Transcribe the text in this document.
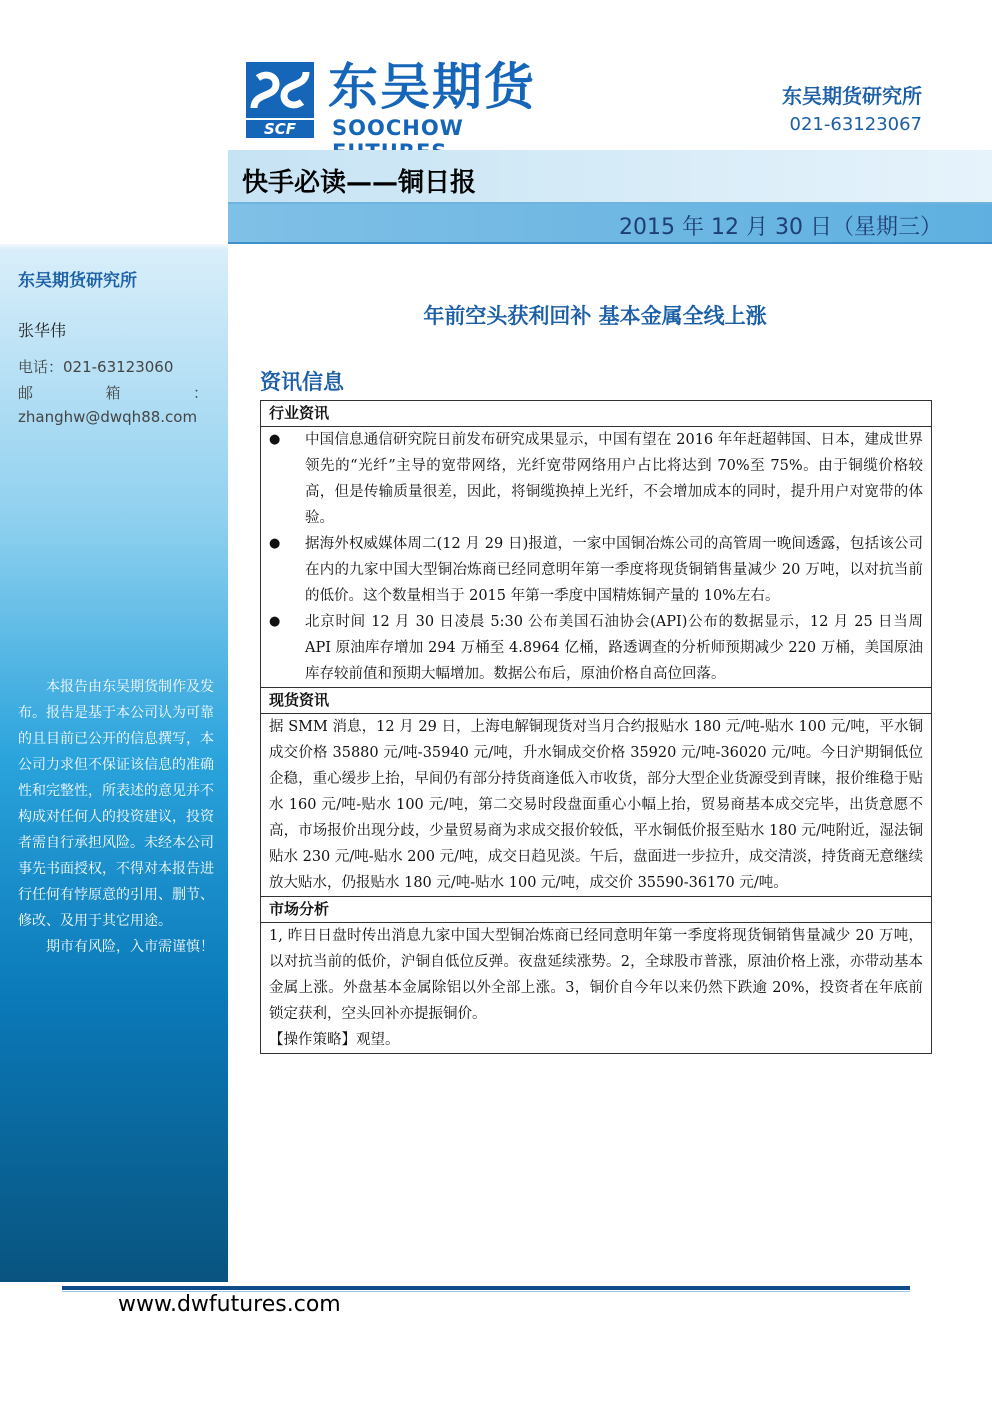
东吴期货研究所
张华伟
电话：021-63123060
邮	箱	：
zhanghw@dwqh88.com

本报告由东吴期货制作及发布。报告是基于本公司认为可靠的且目前已公开的信息撰写，本公司力求但不保证该信息的准确性和完整性，所表述的意见并不构成对任何人的投资建议，投资者需自行承担风险。未经本公司事先书面授权，不得对本报告进行任何有悖原意的引用、删节、修改、及用于其它用途。

期市有风险，入市需谨慎！

SCF
东吴期货
SOOCHOW
东吴期货研究所
021-63123067
快手必读——铜日报
2015 年 12 月 30 日（星期三）
年前空头获利回补 基本金属全线上涨
资讯信息
行业资讯
●	中国信息通信研究院日前发布研究成果显示，中国有望在 2016 年年赶超韩国、日本，建成世界领先的“光纤”主导的宽带网络，光纤宽带网络用户占比将达到 70%至 75%。由于铜缆价格较高，但是传输质量很差，因此，将铜缆换掉上光纤，不会增加成本的同时，提升用户对宽带的体验。
●	据海外权威媒体周二(12 月 29 日)报道，一家中国铜冶炼公司的高管周一晚间透露，包括该公司在内的九家中国大型铜冶炼商已经同意明年第一季度将现货铜销售量减少 20 万吨，以对抗当前的低价。这个数量相当于 2015 年第一季度中国精炼铜产量的 10%左右。
●	北京时间 12 月 30 日凌晨 5:30 公布美国石油协会(API)公布的数据显示，12 月 25 日当周 API 原油库存增加 294 万桶至 4.8964 亿桶，路透调查的分析师预期减少 220 万桶，美国原油库存较前值和预期大幅增加。数据公布后，原油价格自高位回落。
现货资讯
据 SMM 消息，12 月 29 日，上海电解铜现货对当月合约报贴水 180 元/吨-贴水 100 元/吨，平水铜成交价格 35880 元/吨-35940 元/吨，升水铜成交价格 35920 元/吨-36020 元/吨。今日沪期铜低位企稳，重心缓步上抬，早间仍有部分持货商逢低入市收货，部分大型企业货源受到青睐，报价维稳于贴水 160 元/吨-贴水 100 元/吨，第二交易时段盘面重心小幅上抬，贸易商基本成交完毕，出货意愿不高，市场报价出现分歧，少量贸易商为求成交报价较低，平水铜低价报至贴水 180 元/吨附近，湿法铜贴水 230 元/吨-贴水 200 元/吨，成交日趋见淡。午后，盘面进一步拉升，成交清淡，持货商无意继续放大贴水，仍报贴水 180 元/吨-贴水 100 元/吨，成交价 35590-36170 元/吨。
市场分析
1, 昨日日盘时传出消息九家中国大型铜冶炼商已经同意明年第一季度将现货铜销售量减少 20 万吨，以对抗当前的低价，沪铜自低位反弹。夜盘延续涨势。2，全球股市普涨，原油价格上涨，亦带动基本金属上涨。外盘基本金属除铝以外全部上涨。3，铜价自今年以来仍然下跌逾 20%，投资者在年底前锁定获利，空头回补亦提振铜价。
【操作策略】观望。
www.dwfutures.com
